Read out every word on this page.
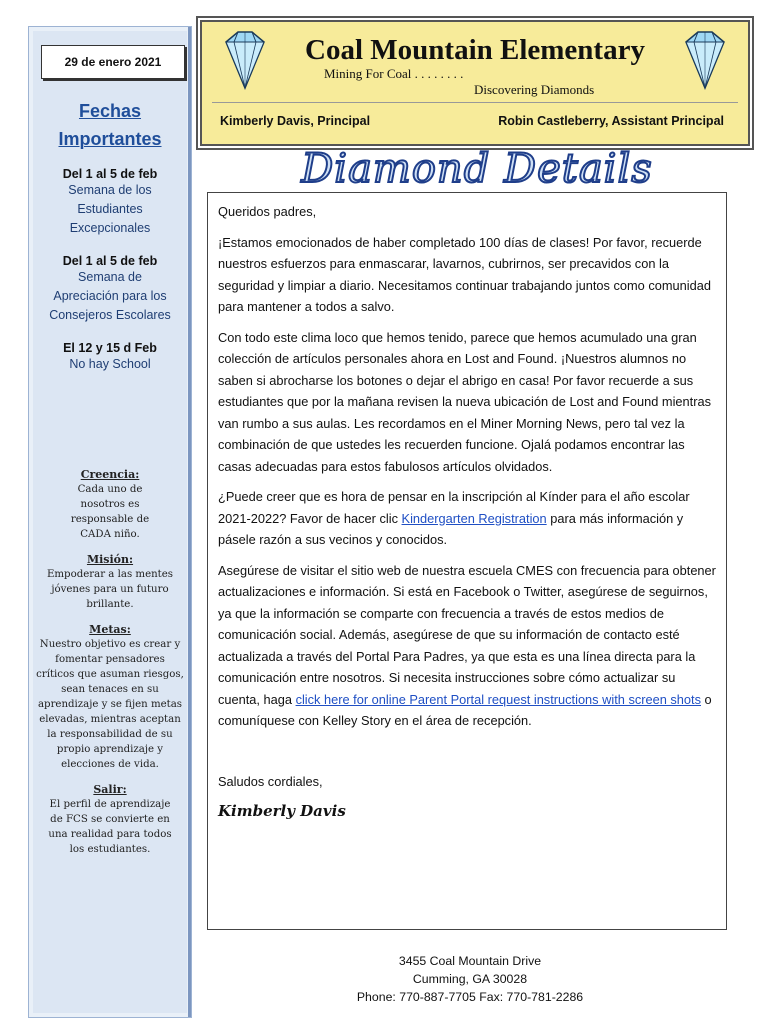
29 de enero 2021
Fechas
Importantes
Del 1 al 5 de feb
Semana de los Estudiantes Excepcionales
Del 1 al 5 de feb
Semana de Apreciación para los Consejeros Escolares
El 12 y 15 d Feb
No hay School
Creencia:
Cada uno de nosotros es responsable de CADA niño.
Misión:
Empoderar a las mentes jóvenes para un futuro brillante.
Metas:
Nuestro objetivo es crear y fomentar pensadores críticos que asuman riesgos, sean tenaces en su aprendizaje y se fijen metas elevadas, mientras aceptan la responsabilidad de su propio aprendizaje y elecciones de vida.
Salir:
El perfil de aprendizaje de FCS se convierte en una realidad para todos los estudiantes.
Coal Mountain Elementary
Mining For Coal . . . . . . . .
Discovering Diamonds
Kimberly Davis, Principal	Robin Castleberry, Assistant Principal
Diamond Details

Queridos padres,

¡Estamos emocionados de haber completado 100 días de clases! Por favor, recuerde nuestros esfuerzos para enmascarar, lavarnos, cubrirnos, ser precavidos con la seguridad y limpiar a diario. Necesitamos continuar trabajando juntos como comunidad para mantener a todos a salvo.

Con todo este clima loco que hemos tenido, parece que hemos acumulado una gran colección de artículos personales ahora en Lost and Found. ¡Nuestros alumnos no saben si abrocharse los botones o dejar el abrigo en casa! Por favor recuerde a sus estudiantes que por la mañana revisen la nueva ubicación de Lost and Found mientras van rumbo a sus aulas. Les recordamos en el Miner Morning News, pero tal vez la combinación de que ustedes les recuerden funcione. Ojalá podamos encontrar las casas adecuadas para estos fabulosos artículos olvidados.

¿Puede creer que es hora de pensar en la inscripción al Kínder para el año escolar 2021-2022? Favor de hacer clic Kindergarten Registration para más información y pásele razón a sus vecinos y conocidos.

Asegúrese de visitar el sitio web de nuestra escuela CMES con frecuencia para obtener actualizaciones e información. Si está en Facebook o Twitter, asegúrese de seguirnos, ya que la información se comparte con frecuencia a través de estos medios de comunicación social. Además, asegúrese de que su información de contacto esté actualizada a través del Portal Para Padres, ya que esta es una línea directa para la comunicación entre nosotros. Si necesita instrucciones sobre cómo actualizar su cuenta, haga click here for online Parent Portal request instructions with screen shots o comuníquese con Kelley Story en el área de recepción.

Saludos cordiales,

Kimberly Davis
3455 Coal Mountain Drive
Cumming, GA 30028
Phone: 770-887-7705 Fax: 770-781-2286
